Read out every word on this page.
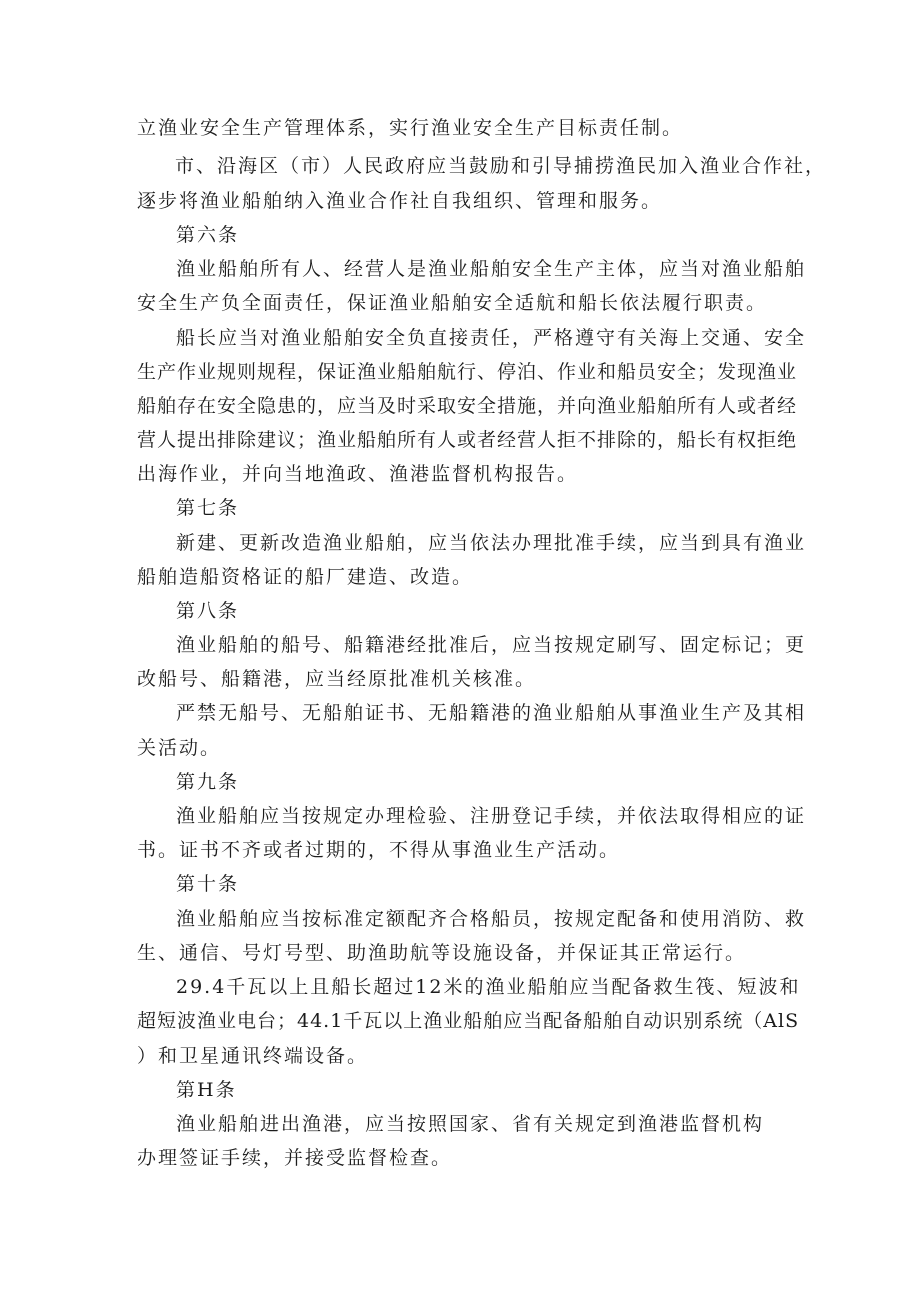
立渔业安全生产管理体系，实行渔业安全生产目标责任制。
市、沿海区（市）人民政府应当鼓励和引导捕捞渔民加入渔业合作社，
逐步将渔业船舶纳入渔业合作社自我组织、管理和服务。
第六条
渔业船舶所有人、经营人是渔业船舶安全生产主体，应当对渔业船舶
安全生产负全面责任，保证渔业船舶安全适航和船长依法履行职责。
船长应当对渔业船舶安全负直接责任，严格遵守有关海上交通、安全
生产作业规则规程，保证渔业船舶航行、停泊、作业和船员安全；发现渔业
船舶存在安全隐患的，应当及时采取安全措施，并向渔业船舶所有人或者经
营人提出排除建议；渔业船舶所有人或者经营人拒不排除的，船长有权拒绝
出海作业，并向当地渔政、渔港监督机构报告。
第七条
新建、更新改造渔业船舶，应当依法办理批准手续，应当到具有渔业
船舶造船资格证的船厂建造、改造。
第八条
渔业船舶的船号、船籍港经批准后，应当按规定刷写、固定标记；更
改船号、船籍港，应当经原批准机关核准。
严禁无船号、无船舶证书、无船籍港的渔业船舶从事渔业生产及其相
关活动。
第九条
渔业船舶应当按规定办理检验、注册登记手续，并依法取得相应的证
书。证书不齐或者过期的，不得从事渔业生产活动。
第十条
渔业船舶应当按标准定额配齐合格船员，按规定配备和使用消防、救
生、通信、号灯号型、助渔助航等设施设备，并保证其正常运行。
29.4千瓦以上且船长超过12米的渔业船舶应当配备救生筏、短波和
超短波渔业电台；44.1千瓦以上渔业船舶应当配备船舶自动识别系统（AlS
）和卫星通讯终端设备。
第H条
渔业船舶进出渔港，应当按照国家、省有关规定到渔港监督机构
办理签证手续，并接受监督检查。
